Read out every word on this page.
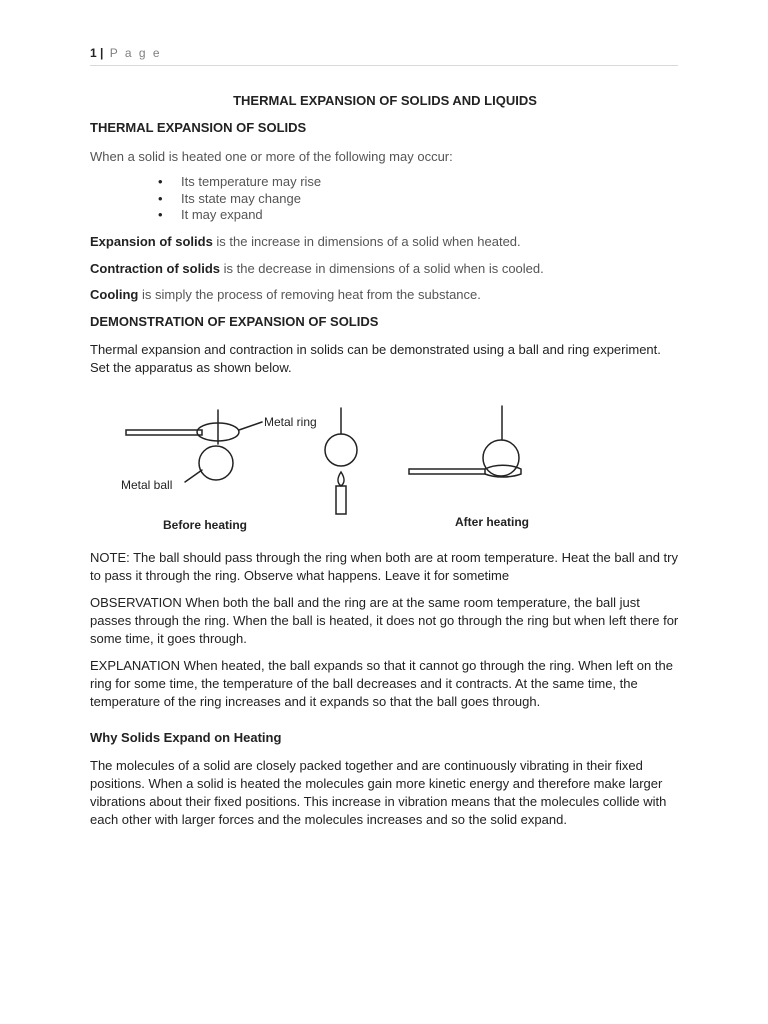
1 | P a g e

THERMAL EXPANSION OF SOLIDS AND LIQUIDS

THERMAL EXPANSION OF SOLIDS

When a solid is heated one or more of the following may occur:

• Its temperature may rise
• Its state may change
• It may expand

Expansion of solids is the increase in dimensions of a solid when heated.

Contraction of solids is the decrease in dimensions of a solid when is cooled.

Cooling is simply the process of removing heat from the substance.

DEMONSTRATION OF EXPANSION OF SOLIDS

Thermal expansion and contraction in solids can be demonstrated using a ball and ring experiment. Set the apparatus as shown below.

Metal ring
Metal ball
Before heating	After heating

NOTE: The ball should pass through the ring when both are at room temperature. Heat the ball and try to pass it through the ring. Observe what happens. Leave it for sometime

OBSERVATION When both the ball and the ring are at the same room temperature, the ball just passes through the ring. When the ball is heated, it does not go through the ring but when left there for some time, it goes through.

EXPLANATION When heated, the ball expands so that it cannot go through the ring. When left on the ring for some time, the temperature of the ball decreases and it contracts. At the same time, the temperature of the ring increases and it expands so that the ball goes through.

Why Solids Expand on Heating

The molecules of a solid are closely packed together and are continuously vibrating in their fixed positions. When a solid is heated the molecules gain more kinetic energy and therefore make larger vibrations about their fixed positions. This increase in vibration means that the molecules collide with each other with larger forces and the molecules increases and so the solid expand.
